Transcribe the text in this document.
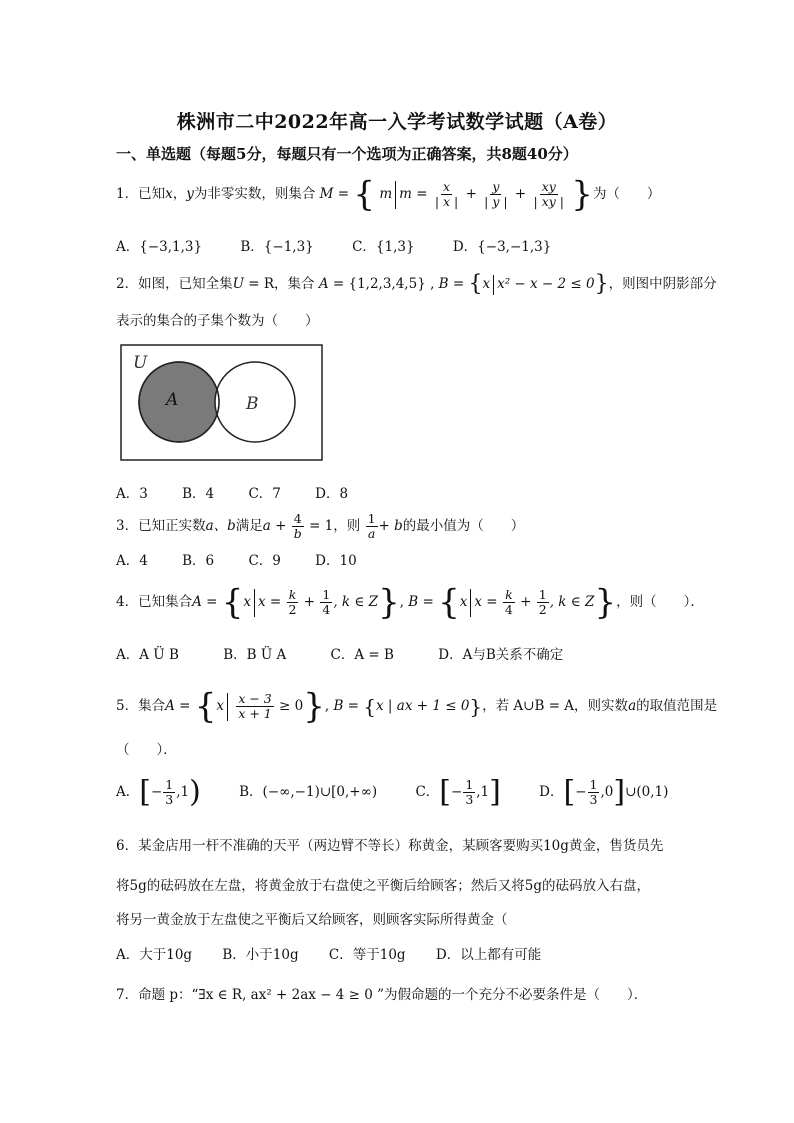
株洲市二中2022年高一入学考试数学试题（A卷）
一、单选题（每题5分，每题只有一个选项为正确答案，共8题40分）
1．已知x，y为非零实数，则集合 M = { m $m = \frac{x}{| x |} + \frac{y}{| y |} + \frac{xy}{| xy |}$ }为（　　）
A．{−3,1,3}	B．{−1,3}	C．{1,3}	D．{−3,−1,3}
2．如图，已知全集U = R，集合 A = {1,2,3,4,5} , B = {x x² − x − 2 ≤ 0}，则图中阴影部分
表示的集合的子集个数为（　　）
U
A	B
A．3	B．4	C．7	D．8
3．已知正实数a、b满足$a + \frac{4}{b} = 1$，则 $\frac{1}{a} + b$的最小值为（　　）
A．4	B．6	C．9	D．10
4．已知集合A = {x $x = \frac{k}{2} + \frac{1}{4}$ , k ∈ Z}, B = {x $x = \frac{k}{4} + \frac{1}{2}$ , k ∈ Z}，则（　　）．
A．A Ü B	B．B Ü A	C．A = B	D．A与B关系不确定
5．集合$A = \{x \frac{x - 3}{x + 1} \ge 0\}$, B = {x | ax + 1 ≤ 0}，若 A∪B = A，则实数a的取值范围是
（　　）．
A．[− $\frac{1}{3} ,1$)	B．(−∞,−1)∪[0,+∞)	C．[− $\frac{1}{3} ,1$]	D．[− $\frac{1}{3}$ ,0]∪(0,1)
6．某金店用一杆不准确的天平（两边臂不等长）称黄金，某顾客要购买10g黄金，售货员先
将5g的砝码放在左盘，将黄金放于右盘使之平衡后给顾客；然后又将5g的砝码放入右盘，
将另一黄金放于左盘使之平衡后又给顾客，则顾客实际所得黄金（
A．大于10g B．小于10g C．等于10g D．以上都有可能
7．命题 p：“∃x ∈ R, ax² + 2ax − 4 ≥ 0 ”为假命题的一个充分不必要条件是（　　）．
